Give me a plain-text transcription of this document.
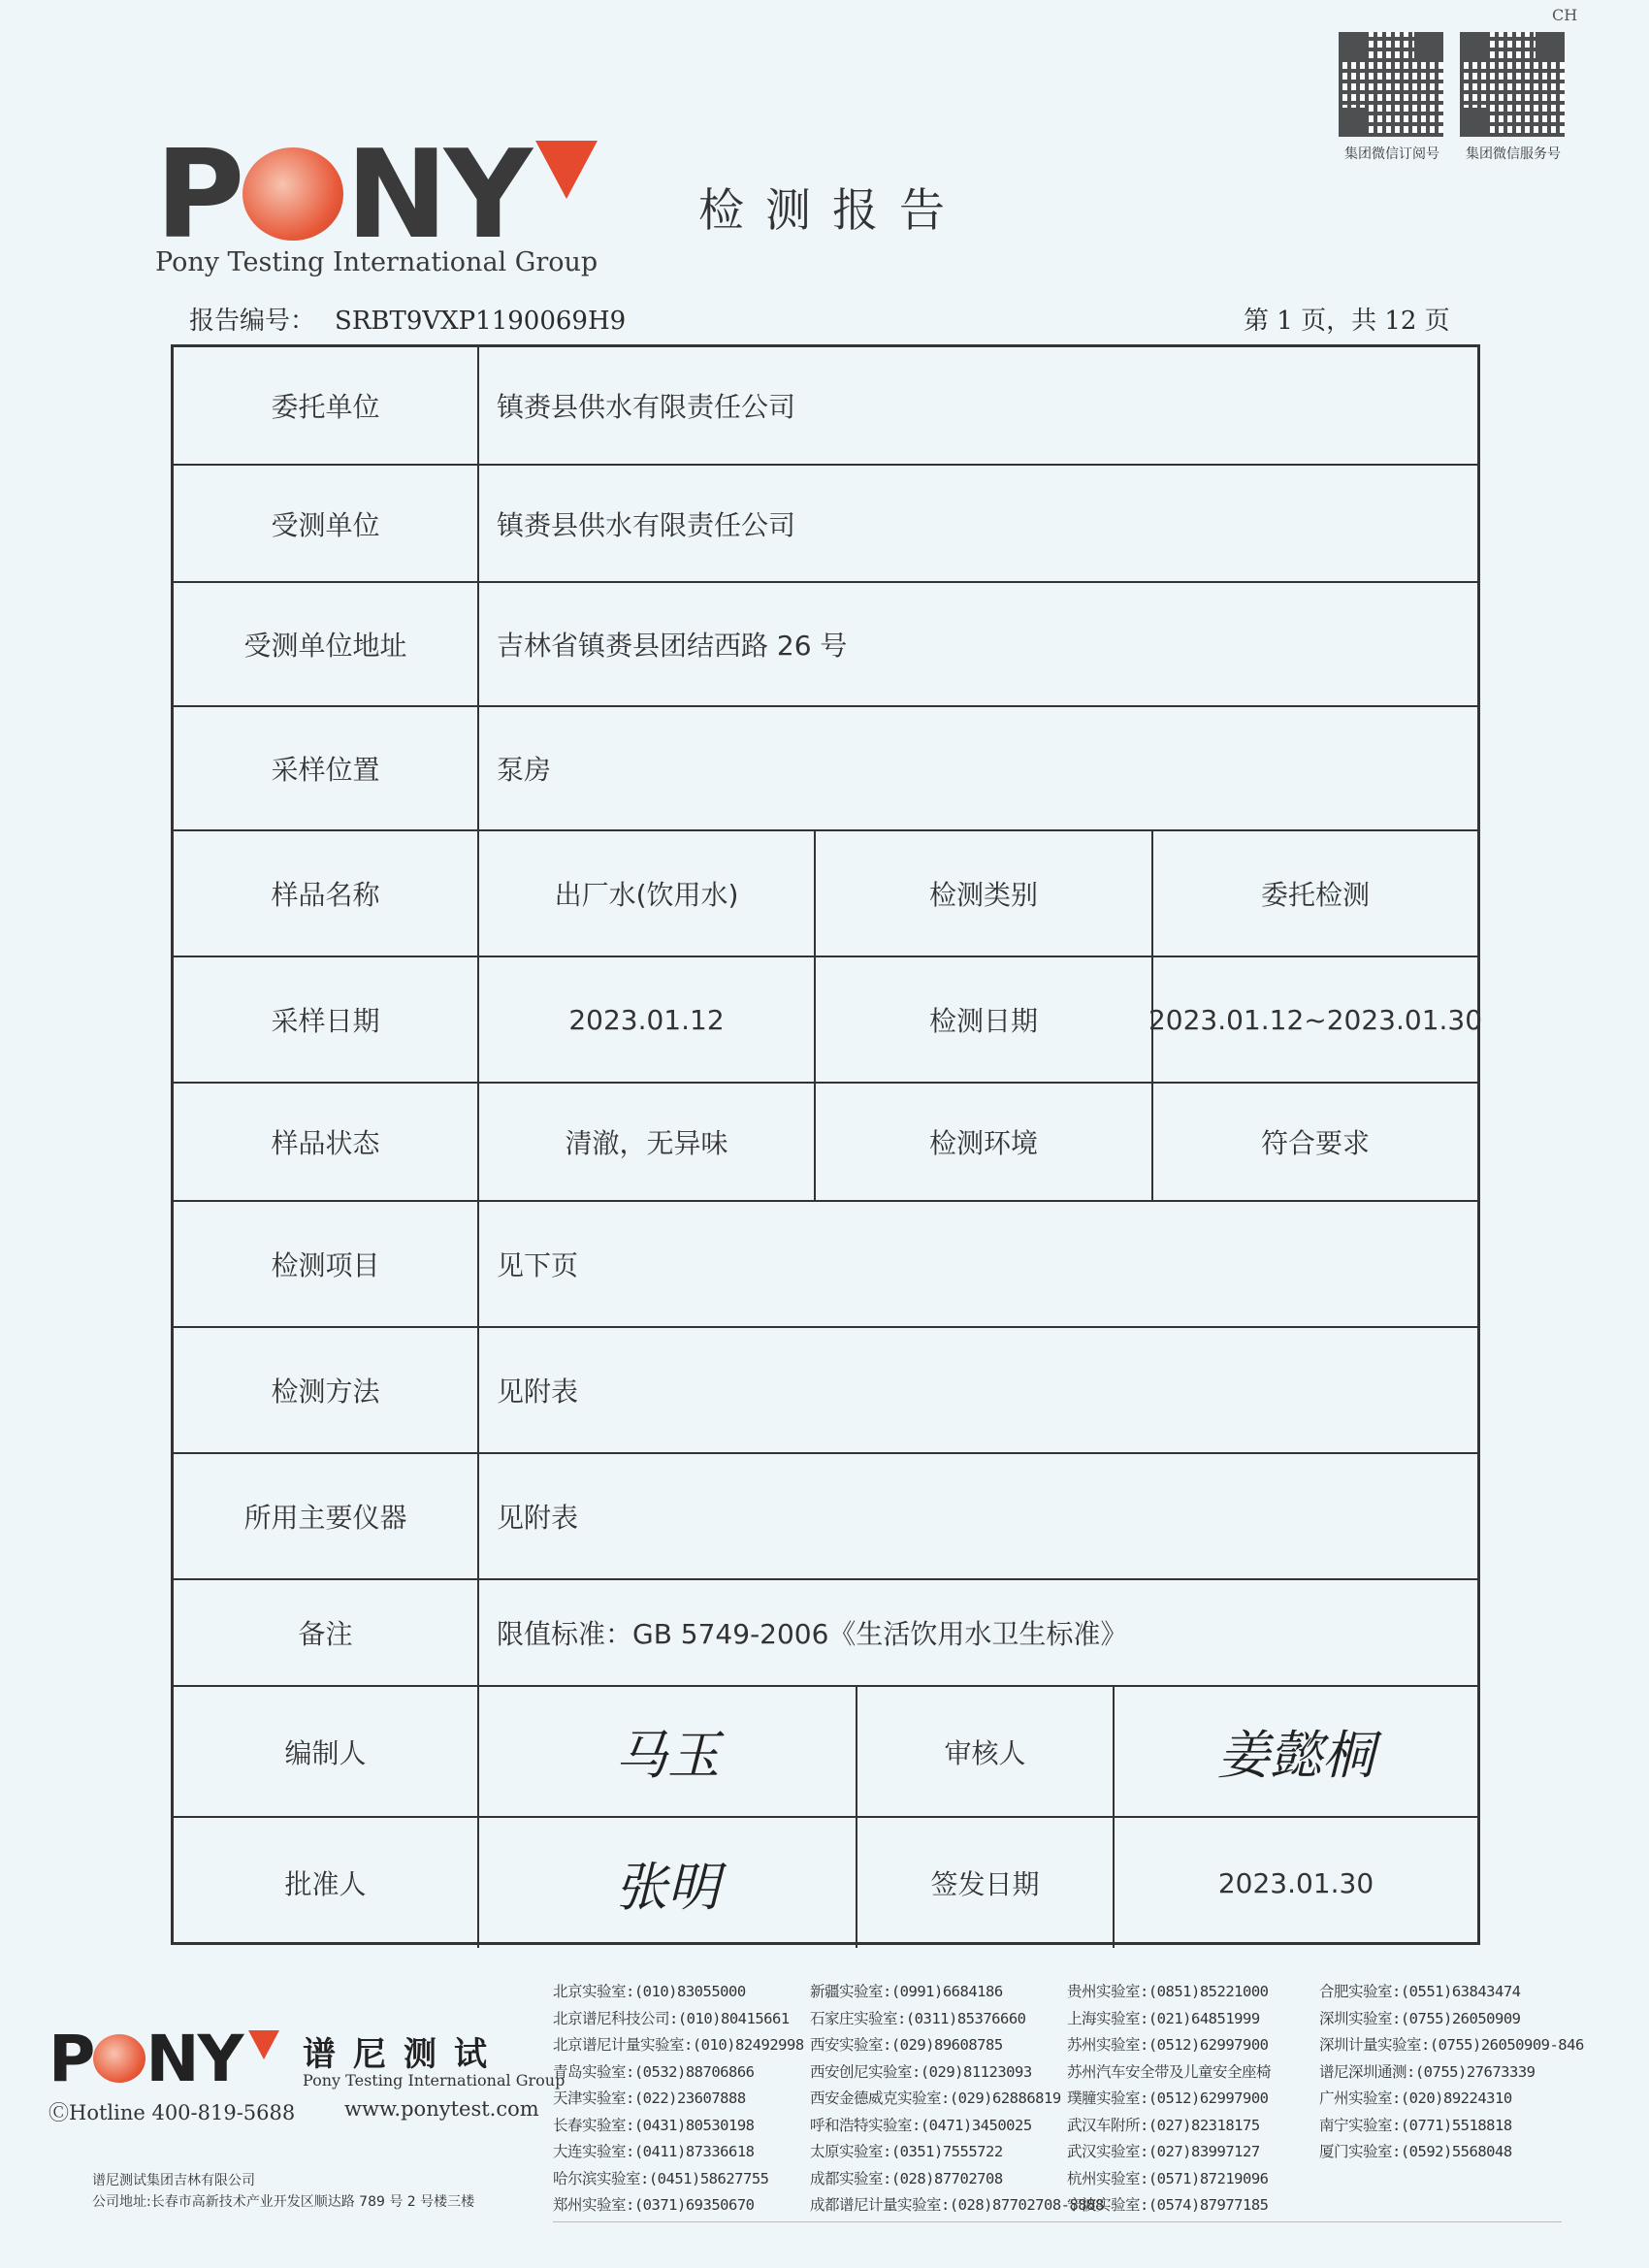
CH
集团微信订阅号 集团微信服务号
P NY
Pony Testing International Group
检测报告
报告编号： SRBT9VXP1190069H9	第 1 页，共 12 页
委托单位	镇赉县供水有限责任公司
受测单位	镇赉县供水有限责任公司
受测单位地址	吉林省镇赉县团结西路 26 号
采样位置	泵房
样品名称	出厂水(饮用水)	检测类别	委托检测
采样日期	2023.01.12	检测日期	2023.01.12~2023.01.30
样品状态	清澈，无异味	检测环境	符合要求
检测项目	见下页
检测方法	见附表
所用主要仪器	见附表
备注	限值标准：GB 5749-2006《生活饮用水卫生标准》
编制人	马玉	审核人	姜懿桐
批准人	张明	签发日期	2023.01.30
P NY 谱尼测试
Pony Testing International Group
ⒸHotline 400-819-5688 www.ponytest.com
谱尼测试集团吉林有限公司
公司地址:长春市高新技术产业开发区顺达路 789 号 2 号楼三楼
北京实验室:(010)83055000
北京谱尼科技公司:(010)80415661
北京谱尼计量实验室:(010)82492998
青岛实验室:(0532)88706866
天津实验室:(022)23607888
长春实验室:(0431)80530198
大连实验室:(0411)87336618
哈尔滨实验室:(0451)58627755
郑州实验室:(0371)69350670
新疆实验室:(0991)6684186
石家庄实验室:(0311)85376660
西安实验室:(029)89608785
西安创尼实验室:(029)81123093
西安金德威克实验室:(029)62886819
呼和浩特实验室:(0471)3450025
太原实验室:(0351)7555722
成都实验室:(028)87702708
成都谱尼计量实验室:(028)87702708-8888
贵州实验室:(0851)85221000
上海实验室:(021)64851999
苏州实验室:(0512)62997900
苏州汽车安全带及儿童安全座椅
璞膧实验室:(0512)62997900
武汉车附所:(027)82318175
武汉实验室:(027)83997127
杭州实验室:(0571)87219096
宁波实验室:(0574)87977185
合肥实验室:(0551)63843474
深圳实验室:(0755)26050909
深圳计量实验室:(0755)26050909-846
谱尼深圳通测:(0755)27673339
广州实验室:(020)89224310
南宁实验室:(0771)5518818
厦门实验室:(0592)5568048
